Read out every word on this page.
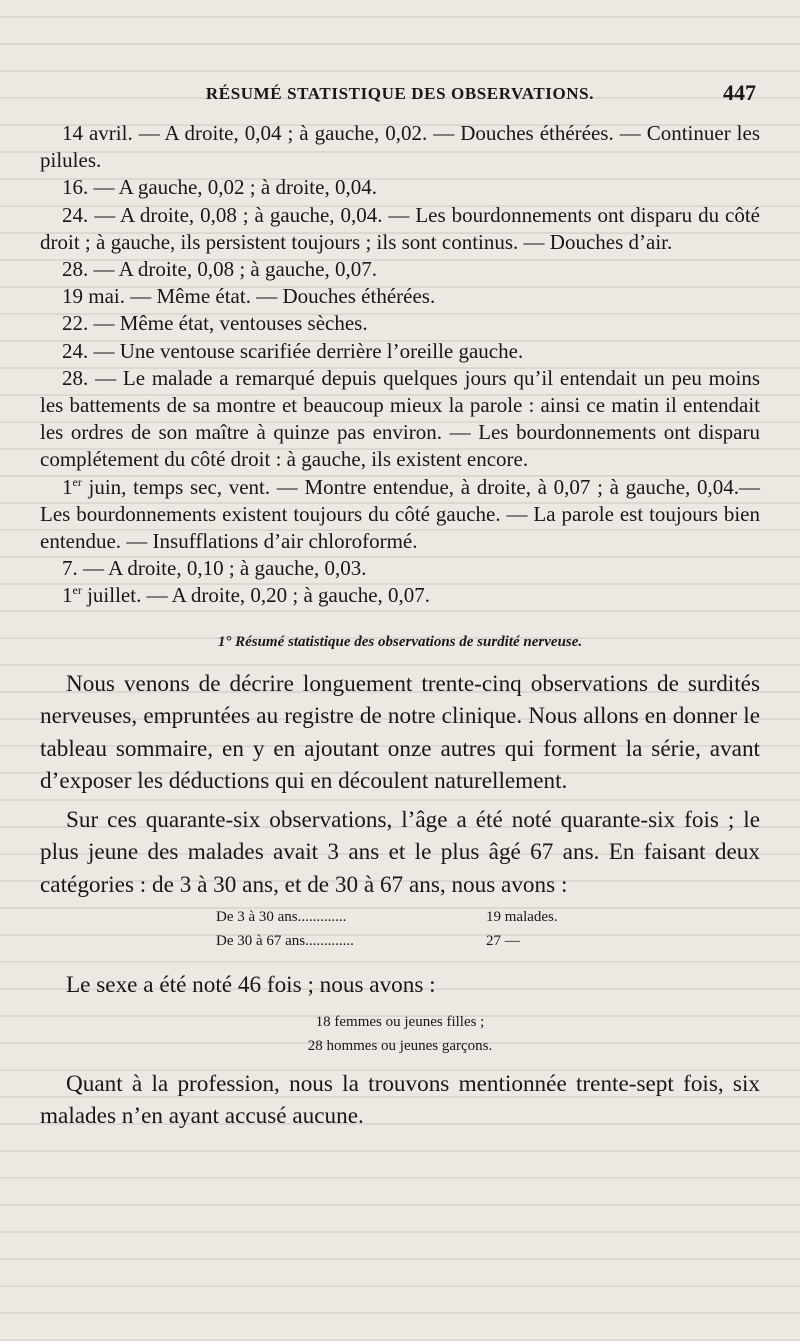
RÉSUMÉ STATISTIQUE DES OBSERVATIONS.	447

14 avril. — A droite, 0,04 ; à gauche, 0,02. — Douches éthérées. — Continuer les pilules.

16. — A gauche, 0,02 ; à droite, 0,04.

24. — A droite, 0,08 ; à gauche, 0,04. — Les bourdonnements ont disparu du côté droit ; à gauche, ils persistent toujours ; ils sont continus. — Douches d’air.

28. — A droite, 0,08 ; à gauche, 0,07.

19 mai. — Même état. — Douches éthérées.

22. — Même état, ventouses sèches.

24. — Une ventouse scarifiée derrière l’oreille gauche.

28. — Le malade a remarqué depuis quelques jours qu’il entendait un peu moins les battements de sa montre et beaucoup mieux la parole : ainsi ce matin il entendait les ordres de son maître à quinze pas environ. — Les bourdonnements ont disparu complétement du côté droit : à gauche, ils existent encore.

1er juin, temps sec, vent. — Montre entendue, à droite, à 0,07 ; à gauche, 0,04.—Les bourdonnements existent toujours du côté gauche. — La parole est toujours bien entendue. — Insufflations d’air chloroformé.

7. — A droite, 0,10 ; à gauche, 0,03.

1er juillet. — A droite, 0,20 ; à gauche, 0,07.

1° Résumé statistique des observations de surdité nerveuse.

Nous venons de décrire longuement trente-cinq observations de surdités nerveuses, empruntées au registre de notre clinique. Nous allons en donner le tableau sommaire, en y en ajoutant onze autres qui forment la série, avant d’exposer les déductions qui en découlent naturellement.

Sur ces quarante-six observations, l’âge a été noté quarante-six fois ; le plus jeune des malades avait 3 ans et le plus âgé 67 ans. En faisant deux catégories : de 3 à 30 ans, et de 30 à 67 ans, nous avons :

De 3 à 30 ans.............	19 malades.
De 30 à 67 ans.............	27 —

Le sexe a été noté 46 fois ; nous avons :

18 femmes ou jeunes filles ;

28 hommes ou jeunes garçons.

Quant à la profession, nous la trouvons mentionnée trente-sept fois, six malades n’en ayant accusé aucune.
